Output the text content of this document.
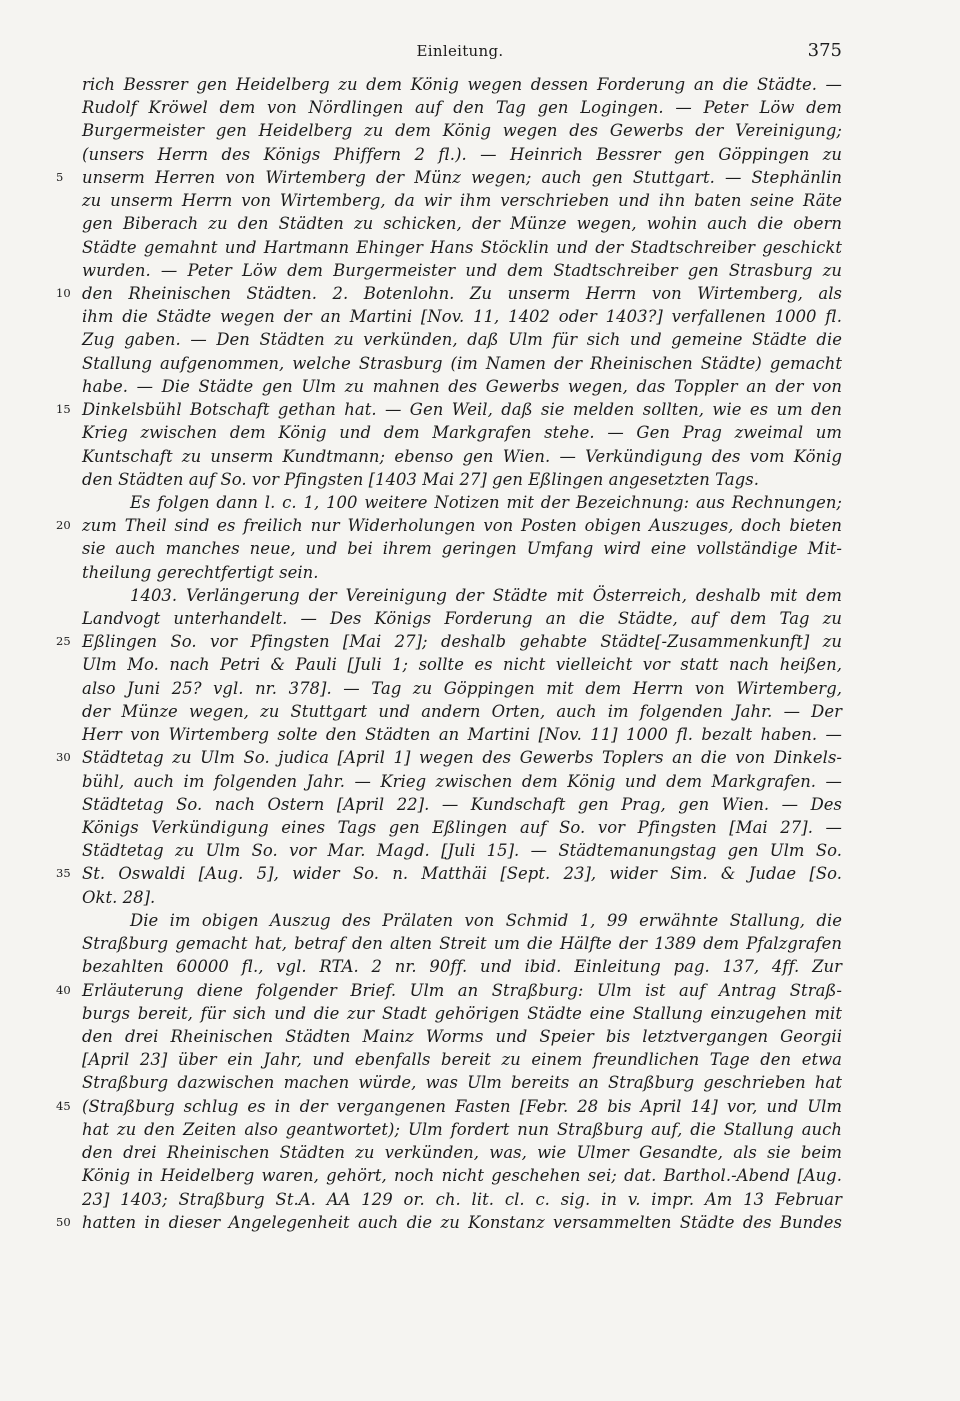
Einleitung.	375
rich Bessrer gen Heidelberg zu dem König wegen dessen Forderung an die Städte. —
Rudolf Kröwel dem von Nördlingen auf den Tag gen Logingen. — Peter Löw dem
Burgermeister gen Heidelberg zu dem König wegen des Gewerbs der Vereinigung;
(unsers Herrn des Königs Phiffern 2 fl.). — Heinrich Bessrer gen Göppingen zu
5	unserm Herren von Wirtemberg der Münz wegen; auch gen Stuttgart. — Stephänlin
zu unserm Herrn von Wirtemberg, da wir ihm verschrieben und ihn baten seine Räte
gen Biberach zu den Städten zu schicken, der Münze wegen, wohin auch die obern
Städte gemahnt und Hartmann Ehinger Hans Stöcklin und der Stadtschreiber geschickt
wurden. — Peter Löw dem Burgermeister und dem Stadtschreiber gen Strasburg zu
10 den Rheinischen Städten. 2. Botenlohn. Zu unserm Herrn von Wirtemberg, als
ihm die Städte wegen der an Martini [Nov. 11, 1402 oder 1403?] verfallenen 1000 fl.
Zug gaben. — Den Städten zu verkünden, daß Ulm für sich und gemeine Städte die
Stallung aufgenommen, welche Strasburg (im Namen der Rheinischen Städte) gemacht
habe. — Die Städte gen Ulm zu mahnen des Gewerbs wegen, das Toppler an der von
15 Dinkelsbühl Botschaft gethan hat. — Gen Weil, daß sie melden sollten, wie es um den
Krieg zwischen dem König und dem Markgrafen stehe. — Gen Prag zweimal um
Kuntschaft zu unserm Kundtmann; ebenso gen Wien. — Verkündigung des vom König
den Städten auf So. vor Pfingsten [1403 Mai 27] gen Eßlingen angesetzten Tags.
Es folgen dann l. c. 1, 100 weitere Notizen mit der Bezeichnung: aus Rechnungen;
20 zum Theil sind es freilich nur Widerholungen von Posten obigen Auszuges, doch bieten
sie auch manches neue, und bei ihrem geringen Umfang wird eine vollständige Mit-
theilung gerechtfertigt sein.
1403. Verlängerung der Vereinigung der Städte mit Österreich, deshalb mit dem
Landvogt unterhandelt. — Des Königs Forderung an die Städte, auf dem Tag zu
25 Eßlingen So. vor Pfingsten [Mai 27]; deshalb gehabte Städte[-Zusammenkunft] zu
Ulm Mo. nach Petri & Pauli [Juli 1; sollte es nicht vielleicht vor statt nach heißen,
also Juni 25? vgl. nr. 378]. — Tag zu Göppingen mit dem Herrn von Wirtemberg,
der Münze wegen, zu Stuttgart und andern Orten, auch im folgenden Jahr. — Der
Herr von Wirtemberg solte den Städten an Martini [Nov. 11] 1000 fl. bezalt haben. —
30 Städtetag zu Ulm So. judica [April 1] wegen des Gewerbs Toplers an die von Dinkels-
bühl, auch im folgenden Jahr. — Krieg zwischen dem König und dem Markgrafen. —
Städtetag So. nach Ostern [April 22]. — Kundschaft gen Prag, gen Wien. — Des
Königs Verkündigung eines Tags gen Eßlingen auf So. vor Pfingsten [Mai 27]. —
Städtetag zu Ulm So. vor Mar. Magd. [Juli 15]. — Städtemanungstag gen Ulm So.
35 St. Oswaldi [Aug. 5], wider So. n. Matthäi [Sept. 23], wider Sim. & Judae [So.
Okt. 28].
Die im obigen Auszug des Prälaten von Schmid 1, 99 erwähnte Stallung, die
Straßburg gemacht hat, betraf den alten Streit um die Hälfte der 1389 dem Pfalzgrafen
bezahlten 60000 fl., vgl. RTA. 2 nr. 90ff. und ibid. Einleitung pag. 137, 4ff. Zur
40 Erläuterung diene folgender Brief. Ulm an Straßburg: Ulm ist auf Antrag Straß-
burgs bereit, für sich und die zur Stadt gehörigen Städte eine Stallung einzugehen mit
den drei Rheinischen Städten Mainz Worms und Speier bis letztvergangen Georgii
[April 23] über ein Jahr, und ebenfalls bereit zu einem freundlichen Tage den etwa
Straßburg dazwischen machen würde, was Ulm bereits an Straßburg geschrieben hat
45 (Straßburg schlug es in der vergangenen Fasten [Febr. 28 bis April 14] vor, und Ulm
hat zu den Zeiten also geantwortet); Ulm fordert nun Straßburg auf, die Stallung auch
den drei Rheinischen Städten zu verkünden, was, wie Ulmer Gesandte, als sie beim
König in Heidelberg waren, gehört, noch nicht geschehen sei; dat. Barthol.-Abend [Aug.
23] 1403; Straßburg St.A. AA 129 or. ch. lit. cl. c. sig. in v. impr. Am 13 Februar
50 hatten in dieser Angelegenheit auch die zu Konstanz versammelten Städte des Bundes
